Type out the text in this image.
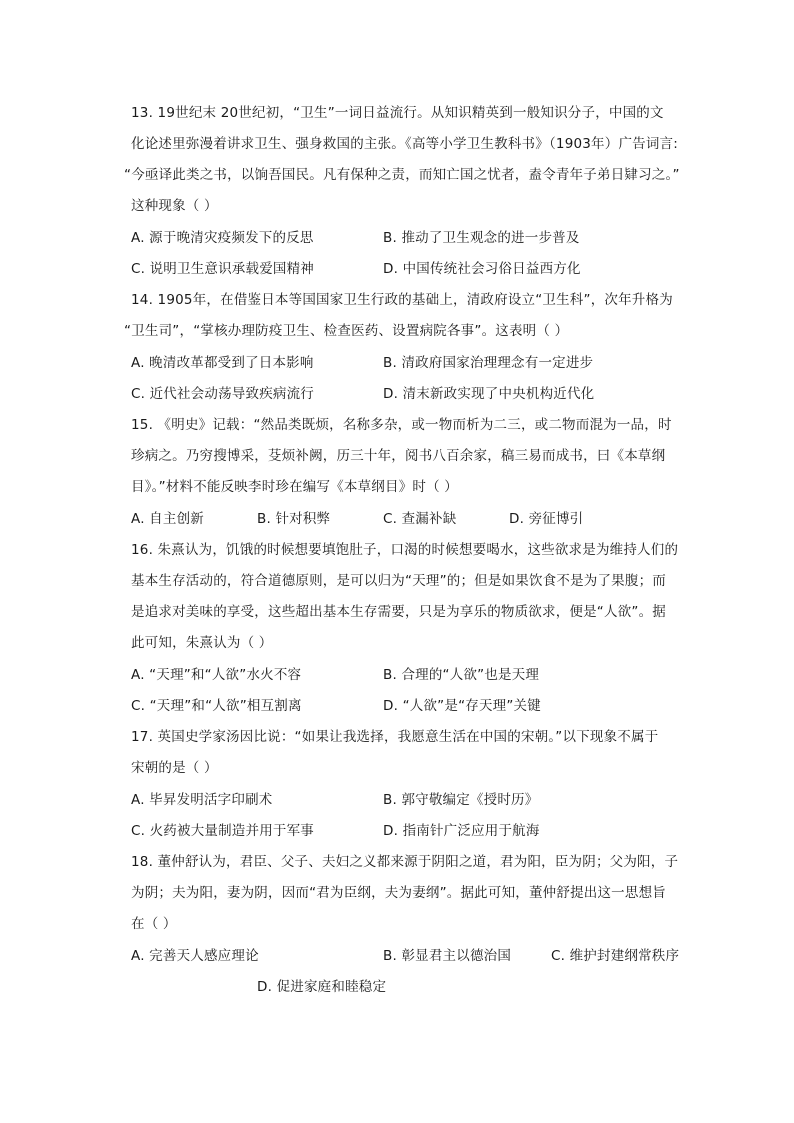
13. 19世纪末 20世纪初，“卫生”一词日益流行。从知识精英到一般知识分子，中国的文
化论述里弥漫着讲求卫生、强身救国的主张。《高等小学卫生教科书》（1903年）广告词言:
“今亟译此类之书，以饷吾国民。凡有保种之责，而知亡国之忧者，盍令青年子弟日肄习之。”
这种现象（ ）
A. 源于晚清灾疫频发下的反思	B. 推动了卫生观念的进一步普及
C. 说明卫生意识承载爱国精神	D. 中国传统社会习俗日益西方化
14. 1905年，在借鉴日本等国国家卫生行政的基础上，清政府设立“卫生科”，次年升格为
“卫生司”，“掌核办理防疫卫生、检查医药、设置病院各事”。这表明（ ）
A. 晚清改革都受到了日本影响	B. 清政府国家治理理念有一定进步
C. 近代社会动荡导致疾病流行	D. 清末新政实现了中央机构近代化
15. 《明史》记载：“然品类既烦，名称多杂，或一物而析为二三，或二物而混为一品，时
珍病之。乃穷搜博采，芟烦补阙，历三十年，阅书八百余家，稿三易而成书，曰《本草纲
目》。”材料不能反映李时珍在编写《本草纲目》时（ ）
A. 自主创新	B. 针对积弊	C. 查漏补缺	D. 旁征博引
16. 朱熹认为，饥饿的时候想要填饱肚子，口渴的时候想要喝水，这些欲求是为维持人们的
基本生存活动的，符合道德原则，是可以归为“天理”的；但是如果饮食不是为了果腹；而
是追求对美味的享受，这些超出基本生存需要，只是为享乐的物质欲求，便是“人欲”。据
此可知，朱熹认为（ ）
A. “天理”和“人欲”水火不容	B. 合理的“人欲”也是天理
C. “天理”和“人欲”相互割离	D. “人欲”是“存天理”关键
17. 英国史学家汤因比说：“如果让我选择，我愿意生活在中国的宋朝。”以下现象不属于
宋朝的是（ ）
A. 毕昇发明活字印刷术	B. 郭守敬编定《授时历》
C. 火药被大量制造并用于军事	D. 指南针广泛应用于航海
18. 董仲舒认为，君臣、父子、夫妇之义都来源于阴阳之道，君为阳，臣为阴；父为阳，子
为阴；夫为阳，妻为阴，因而“君为臣纲，夫为妻纲”。据此可知，董仲舒提出这一思想旨
在（ ）
A. 完善天人感应理论	B. 彰显君主以德治国	C. 维护封建纲常秩序
D. 促进家庭和睦稳定
